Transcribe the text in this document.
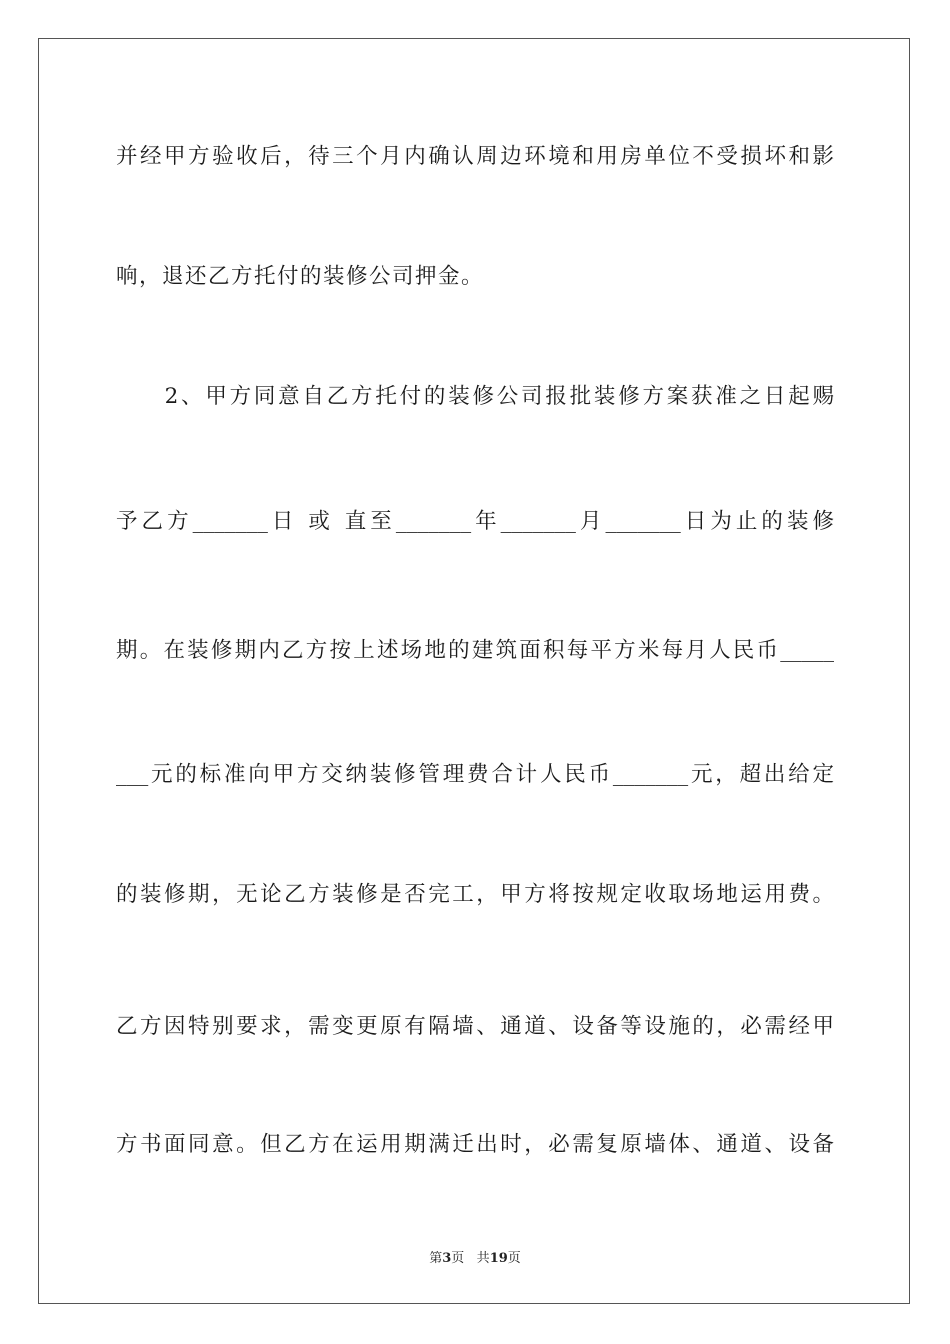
并经甲方验收后，待三个月内确认周边环境和用房单位不受损坏和影
响，退还乙方托付的装修公司押金。
　　2、甲方同意自乙方托付的装修公司报批装修方案获准之日起赐
予乙方_______日 或 直至_______年_______月_______日为止的装修
期。在装修期内乙方按上述场地的建筑面积每平方米每月人民币_____
___元的标准向甲方交纳装修管理费合计人民币_______元，超出给定
的装修期，无论乙方装修是否完工，甲方将按规定收取场地运用费。
乙方因特别要求，需变更原有隔墙、通道、设备等设施的，必需经甲
方书面同意。但乙方在运用期满迁出时，必需复原墙体、通道、设备
第3页 共19页
